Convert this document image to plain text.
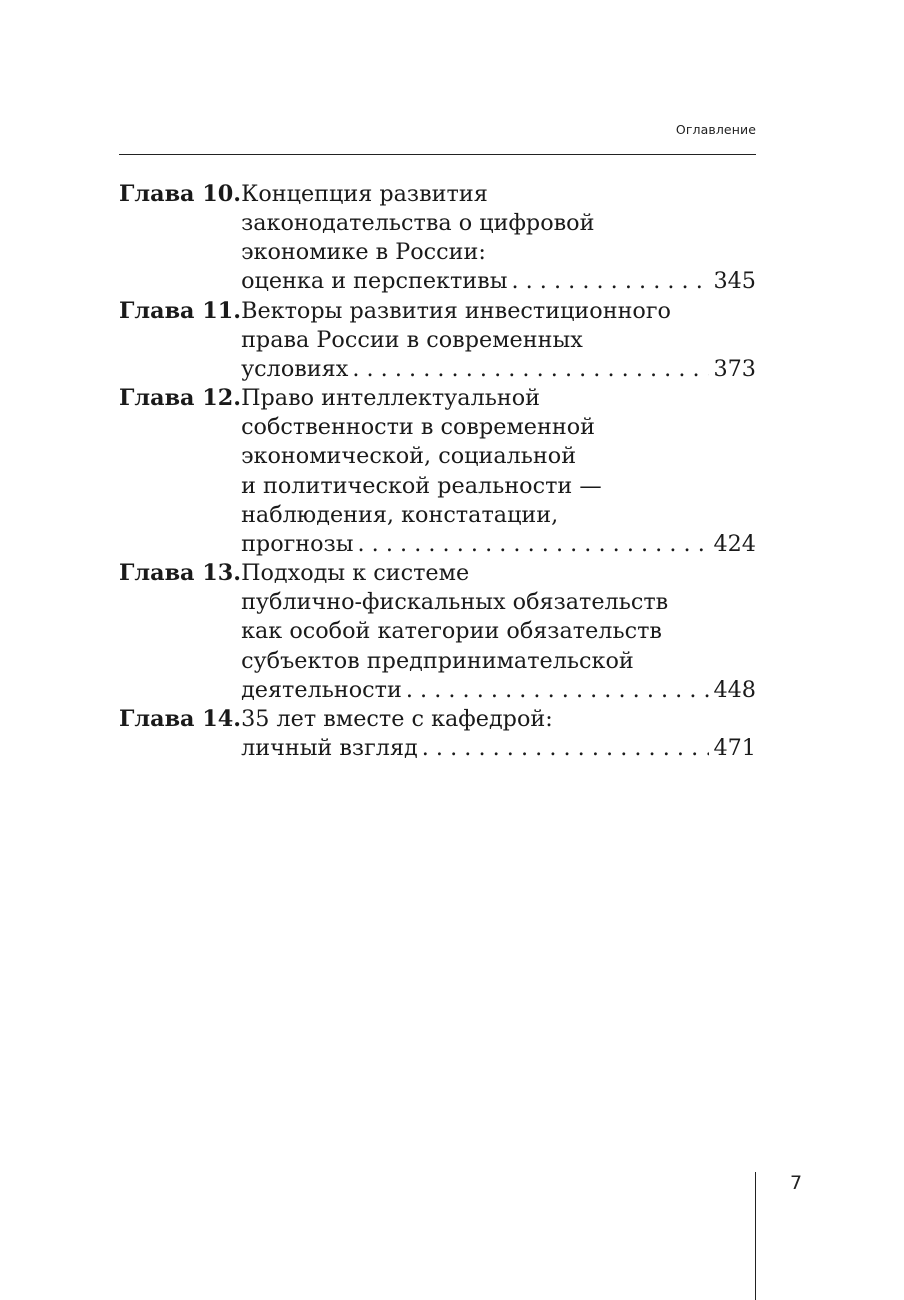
Оглавление
Глава 10. Концепция развития
законодательства о цифровой
экономике в России:
оценка и перспективы . . .	345
Глава 11. Векторы развития инвестиционного
права России в современных
условиях . . .	373
Глава 12. Право интеллектуальной
собственности в современной
экономической, социальной
и политической реальности —
наблюдения, констатации,
прогнозы . . .	424
Глава 13. Подходы к системе
публично-фискальных обязательств
как особой категории обязательств
субъектов предпринимательской
деятельности . . .	448
Глава 14. 35 лет вместе с кафедрой:
личный взгляд . . .	471
7
